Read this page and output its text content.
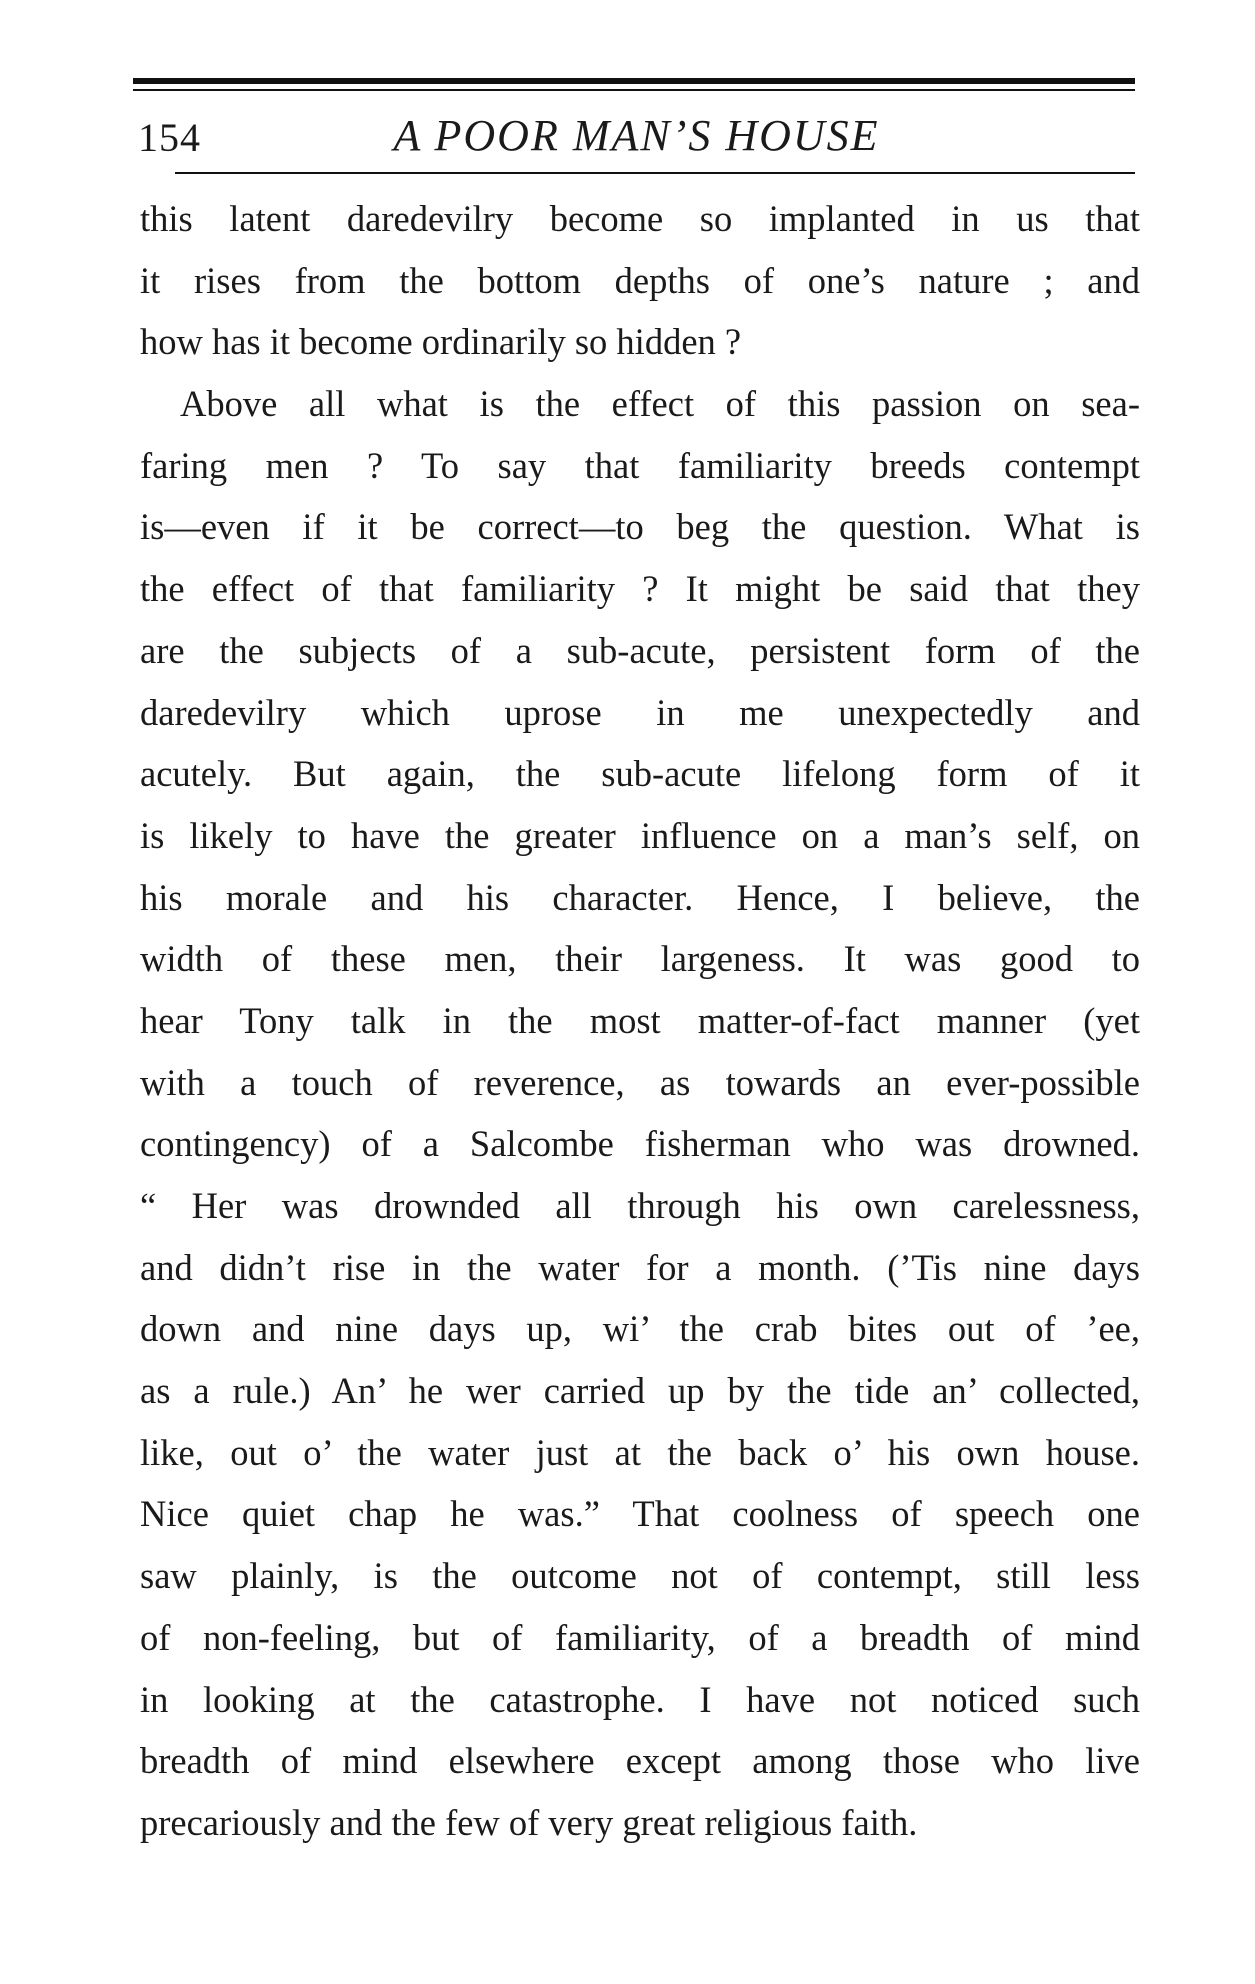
154	A POOR MAN’S HOUSE
this latent daredevilry become so implanted in us that
it rises from the bottom depths of one’s nature ; and
how has it become ordinarily so hidden ?
Above all what is the effect of this passion on sea-
faring men ? To say that familiarity breeds contempt
is—even if it be correct—to beg the question. What is
the effect of that familiarity ? It might be said that they
are the subjects of a sub-acute, persistent form of the
daredevilry which uprose in me unexpectedly and
acutely. But again, the sub-acute lifelong form of it
is likely to have the greater influence on a man’s self, on
his morale and his character. Hence, I believe, the
width of these men, their largeness. It was good to
hear Tony talk in the most matter-of-fact manner (yet
with a touch of reverence, as towards an ever-possible
contingency) of a Salcombe fisherman who was drowned.
“ Her was drownded all through his own carelessness,
and didn’t rise in the water for a month. (’Tis nine days
down and nine days up, wi’ the crab bites out of ’ee,
as a rule.) An’ he wer carried up by the tide an’ collected,
like, out o’ the water just at the back o’ his own house.
Nice quiet chap he was.” That coolness of speech one
saw plainly, is the outcome not of contempt, still less
of non-feeling, but of familiarity, of a breadth of mind
in looking at the catastrophe. I have not noticed such
breadth of mind elsewhere except among those who live
precariously and the few of very great religious faith.
